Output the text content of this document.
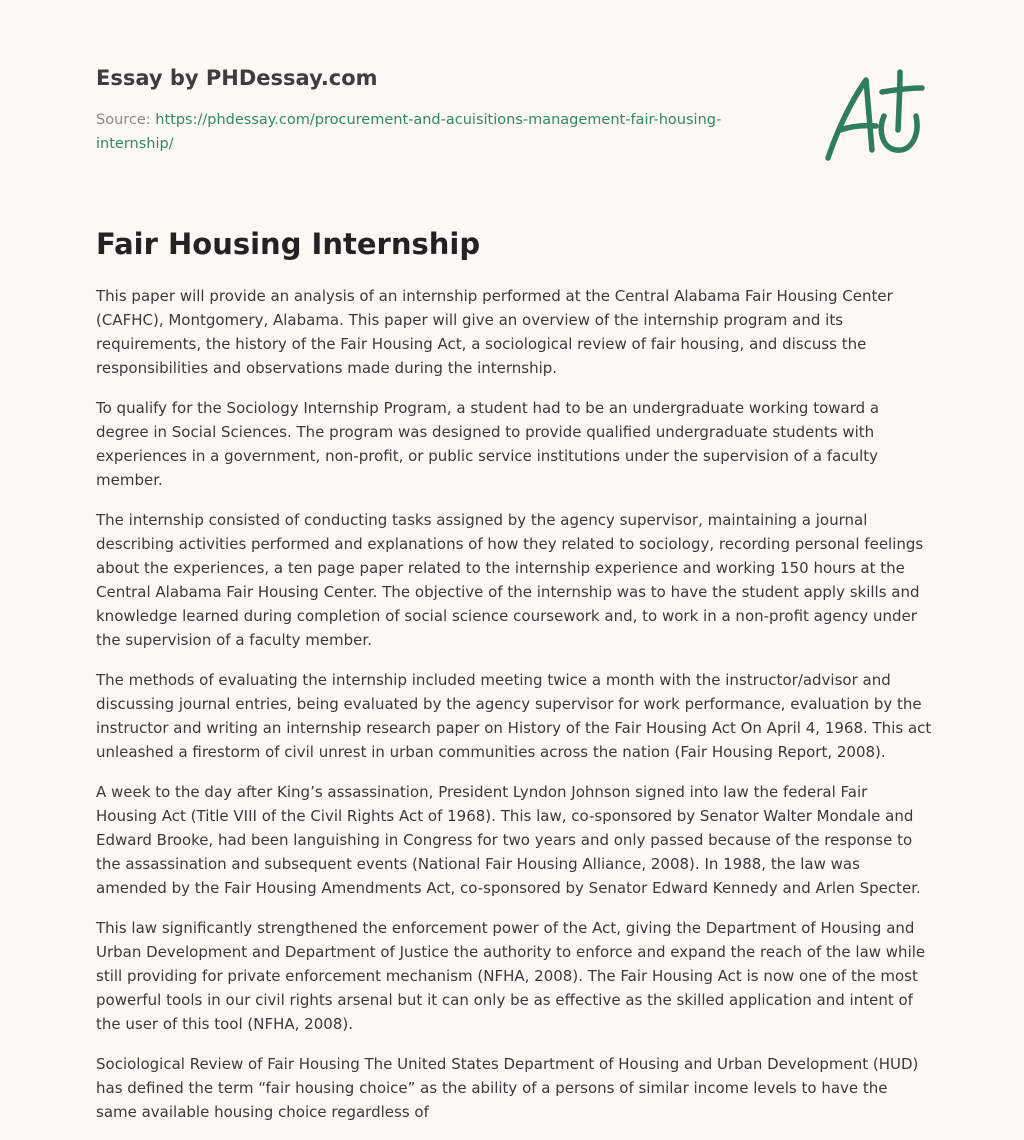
Essay by PHDessay.com
Source: https://phdessay.com/procurement-and-acuisitions-management-fair-housing-internship/
Fair Housing Internship

This paper will provide an analysis of an internship performed at the Central Alabama Fair Housing Center (CAFHC), Montgomery, Alabama. This paper will give an overview of the internship program and its requirements, the history of the Fair Housing Act, a sociological review of fair housing, and discuss the responsibilities and observations made during the internship.

To qualify for the Sociology Internship Program, a student had to be an undergraduate working toward a degree in Social Sciences. The program was designed to provide qualified undergraduate students with experiences in a government, non-profit, or public service institutions under the supervision of a faculty member.

The internship consisted of conducting tasks assigned by the agency supervisor, maintaining a journal describing activities performed and explanations of how they related to sociology, recording personal feelings about the experiences, a ten page paper related to the internship experience and working 150 hours at the Central Alabama Fair Housing Center. The objective of the internship was to have the student apply skills and knowledge learned during completion of social science coursework and, to work in a non-profit agency under the supervision of a faculty member.

The methods of evaluating the internship included meeting twice a month with the instructor/advisor and discussing journal entries, being evaluated by the agency supervisor for work performance, evaluation by the instructor and writing an internship research paper on History of the Fair Housing Act On April 4, 1968. This act unleashed a firestorm of civil unrest in urban communities across the nation (Fair Housing Report, 2008).

A week to the day after King’s assassination, President Lyndon Johnson signed into law the federal Fair Housing Act (Title VIII of the Civil Rights Act of 1968). This law, co-sponsored by Senator Walter Mondale and Edward Brooke, had been languishing in Congress for two years and only passed because of the response to the assassination and subsequent events (National Fair Housing Alliance, 2008). In 1988, the law was amended by the Fair Housing Amendments Act, co-sponsored by Senator Edward Kennedy and Arlen Specter.

This law significantly strengthened the enforcement power of the Act, giving the Department of Housing and Urban Development and Department of Justice the authority to enforce and expand the reach of the law while still providing for private enforcement mechanism (NFHA, 2008). The Fair Housing Act is now one of the most powerful tools in our civil rights arsenal but it can only be as effective as the skilled application and intent of the user of this tool (NFHA, 2008).

Sociological Review of Fair Housing The United States Department of Housing and Urban Development (HUD) has defined the term “fair housing choice” as the ability of a persons of similar income levels to have the same available housing choice regardless of
